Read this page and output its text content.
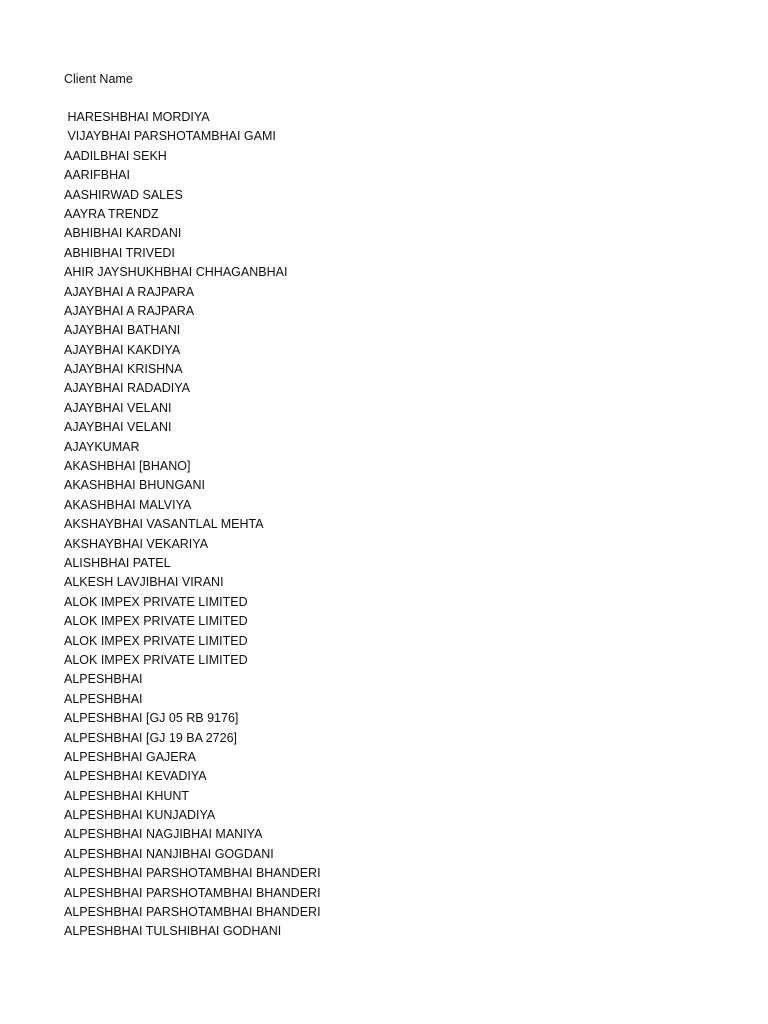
Client Name
HARESHBHAI MORDIYA
VIJAYBHAI PARSHOTAMBHAI GAMI
AADILBHAI SEKH
AARIFBHAI
AASHIRWAD SALES
AAYRA TRENDZ
ABHIBHAI KARDANI
ABHIBHAI TRIVEDI
AHIR JAYSHUKHBHAI CHHAGANBHAI
AJAYBHAI A RAJPARA
AJAYBHAI A RAJPARA
AJAYBHAI BATHANI
AJAYBHAI KAKDIYA
AJAYBHAI KRISHNA
AJAYBHAI RADADIYA
AJAYBHAI VELANI
AJAYBHAI VELANI
AJAYKUMAR
AKASHBHAI [BHANO]
AKASHBHAI BHUNGANI
AKASHBHAI MALVIYA
AKSHAYBHAI VASANTLAL MEHTA
AKSHAYBHAI VEKARIYA
ALISHBHAI PATEL
ALKESH LAVJIBHAI VIRANI
ALOK IMPEX PRIVATE LIMITED
ALOK IMPEX PRIVATE LIMITED
ALOK IMPEX PRIVATE LIMITED
ALOK IMPEX PRIVATE LIMITED
ALPESHBHAI
ALPESHBHAI
ALPESHBHAI [GJ 05 RB 9176]
ALPESHBHAI [GJ 19 BA 2726]
ALPESHBHAI GAJERA
ALPESHBHAI KEVADIYA
ALPESHBHAI KHUNT
ALPESHBHAI KUNJADIYA
ALPESHBHAI NAGJIBHAI MANIYA
ALPESHBHAI NANJIBHAI GOGDANI
ALPESHBHAI PARSHOTAMBHAI BHANDERI
ALPESHBHAI PARSHOTAMBHAI BHANDERI
ALPESHBHAI PARSHOTAMBHAI BHANDERI
ALPESHBHAI TULSHIBHAI GODHANI
